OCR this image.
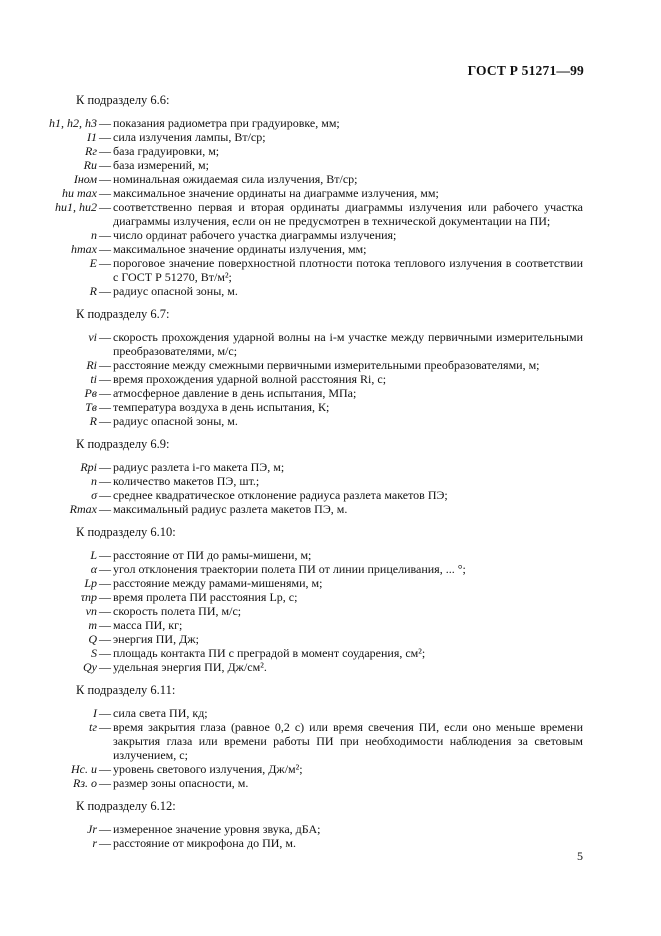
ГОСТ Р 51271—99
К подразделу 6.6:
h1, h2, h3 — показания радиометра при градуировке, мм;
I1 — сила излучения лампы, Вт/ср;
Rг — база градуировки, м;
Rи — база измерений, м;
Iном — номинальная ожидаемая сила излучения, Вт/ср;
hи max — максимальное значение ординаты на диаграмме излучения, мм;
hи1, hи2 — соответственно первая и вторая ординаты диаграммы излучения или рабочего участка диаграммы излучения, если он не предусмотрен в технической документации на ПИ;
n — число ординат рабочего участка диаграммы излучения;
hmax — максимальное значение ординаты излучения, мм;
E — пороговое значение поверхностной плотности потока теплового излучения в соответствии с ГОСТ Р 51270, Вт/м²;
R — радиус опасной зоны, м.
К подразделу 6.7:
vi — скорость прохождения ударной волны на i-м участке между первичными измерительными преобразователями, м/с;
Ri — расстояние между смежными первичными измерительными преобразователями, м;
ti — время прохождения ударной волной расстояния Ri, с;
Pв — атмосферное давление в день испытания, МПа;
Tв — температура воздуха в день испытания, К;
R — радиус опасной зоны, м.
К подразделу 6.9:
Rрi — радиус разлета i-го макета ПЭ, м;
n — количество макетов ПЭ, шт.;
σ — среднее квадратическое отклонение радиуса разлета макетов ПЭ;
Rmax — максимальный радиус разлета макетов ПЭ, м.
К подразделу 6.10:
L — расстояние от ПИ до рамы-мишени, м;
α — угол отклонения траектории полета ПИ от линии прицеливания, ... °;
Lр — расстояние между рамами-мишенями, м;
τпр — время пролета ПИ расстояния Lр, с;
vп — скорость полета ПИ, м/с;
m — масса ПИ, кг;
Q — энергия ПИ, Дж;
S — площадь контакта ПИ с преградой в момент соударения, см²;
Qу — удельная энергия ПИ, Дж/см².
К подразделу 6.11:
I — сила света ПИ, кд;
tг — время закрытия глаза (равное 0,2 с) или время свечения ПИ, если оно меньше времени закрытия глаза или времени работы ПИ при необходимости наблюдения за световым излучением, с;
Hс. и — уровень светового излучения, Дж/м²;
Rз. о — размер зоны опасности, м.
К подразделу 6.12:
Jr — измеренное значение уровня звука, дБА;
r — расстояние от микрофона до ПИ, м.
5
